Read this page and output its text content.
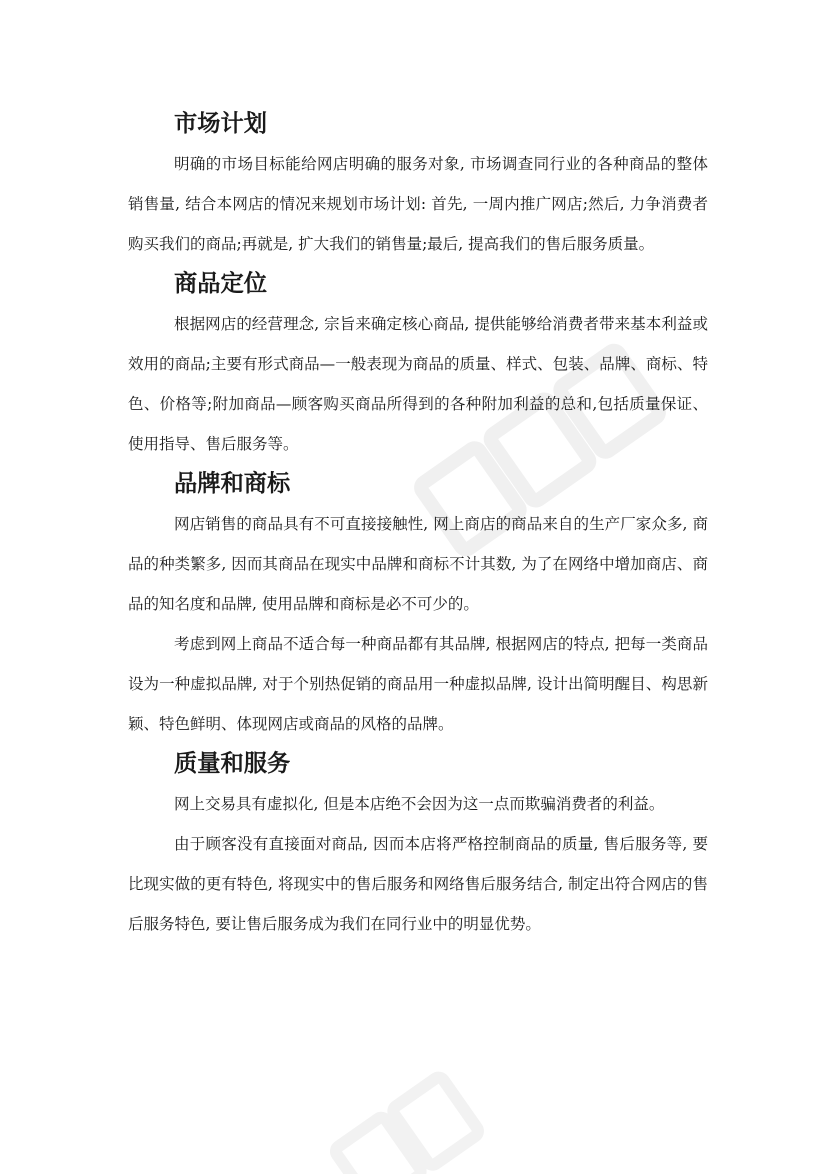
市场计划

明确的市场目标能给网店明确的服务对象, 市场调查同行业的各种商品的整体销售量, 结合本网店的情况来规划市场计划: 首先, 一周内推广网店;然后, 力争消费者购买我们的商品;再就是, 扩大我们的销售量;最后, 提高我们的售后服务质量。

商品定位

根据网店的经营理念, 宗旨来确定核心商品, 提供能够给消费者带来基本利益或效用的商品;主要有形式商品—一般表现为商品的质量、样式、包装、品牌、商标、特色、价格等;附加商品—顾客购买商品所得到的各种附加利益的总和,包括质量保证、使用指导、售后服务等。

品牌和商标

网店销售的商品具有不可直接接触性, 网上商店的商品来自的生产厂家众多, 商品的种类繁多, 因而其商品在现实中品牌和商标不计其数, 为了在网络中增加商店、商品的知名度和品牌, 使用品牌和商标是必不可少的。

考虑到网上商品不适合每一种商品都有其品牌, 根据网店的特点, 把每一类商品设为一种虚拟品牌, 对于个别热促销的商品用一种虚拟品牌, 设计出简明醒目、构思新颖、特色鲜明、体现网店或商品的风格的品牌。

质量和服务

网上交易具有虚拟化, 但是本店绝不会因为这一点而欺骗消费者的利益。

由于顾客没有直接面对商品, 因而本店将严格控制商品的质量, 售后服务等, 要比现实做的更有特色, 将现实中的售后服务和网络售后服务结合, 制定出符合网店的售后服务特色, 要让售后服务成为我们在同行业中的明显优势。
